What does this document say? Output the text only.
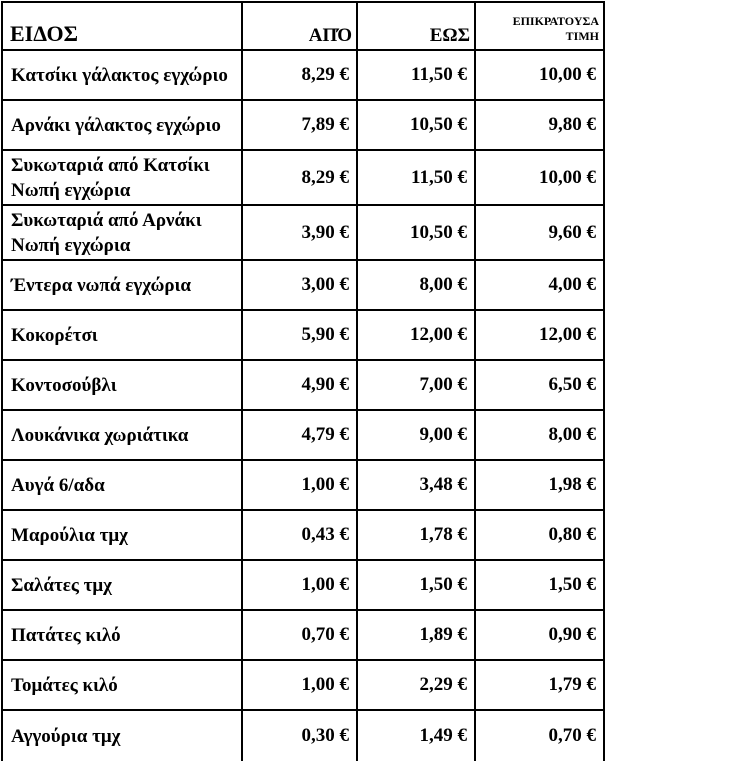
ΕΙΔΟΣ	ΑΠΌ	ΕΩΣ	ΕΠΙΚΡΑΤΟΥΣΑ
ΤΙΜΗ

Κατσίκι γάλακτος εγχώριο	8,29 €	11,50 €	10,00 €
Αρνάκι γάλακτος εγχώριο	7,89 €	10,50 €	9,80 €
Συκωταριά από Κατσίκι
Νωπή εγχώρια	8,29 €	11,50 €	10,00 €
Συκωταριά από Αρνάκι
Νωπή εγχώρια	3,90 €	10,50 €	9,60 €
Έντερα νωπά εγχώρια	3,00 €	8,00 €	4,00 €
Κοκορέτσι	5,90 €	12,00 €	12,00 €
Κοντοσούβλι	4,90 €	7,00 €	6,50 €
Λουκάνικα χωριάτικα	4,79 €	9,00 €	8,00 €
Αυγά 6/αδα	1,00 €	3,48 €	1,98 €
Μαρούλια τμχ	0,43 €	1,78 €	0,80 €
Σαλάτες τμχ	1,00 €	1,50 €	1,50 €
Πατάτες κιλό	0,70 €	1,89 €	0,90 €
Τομάτες κιλό	1,00 €	2,29 €	1,79 €
Αγγούρια τμχ	0,30 €	1,49 €	0,70 €
